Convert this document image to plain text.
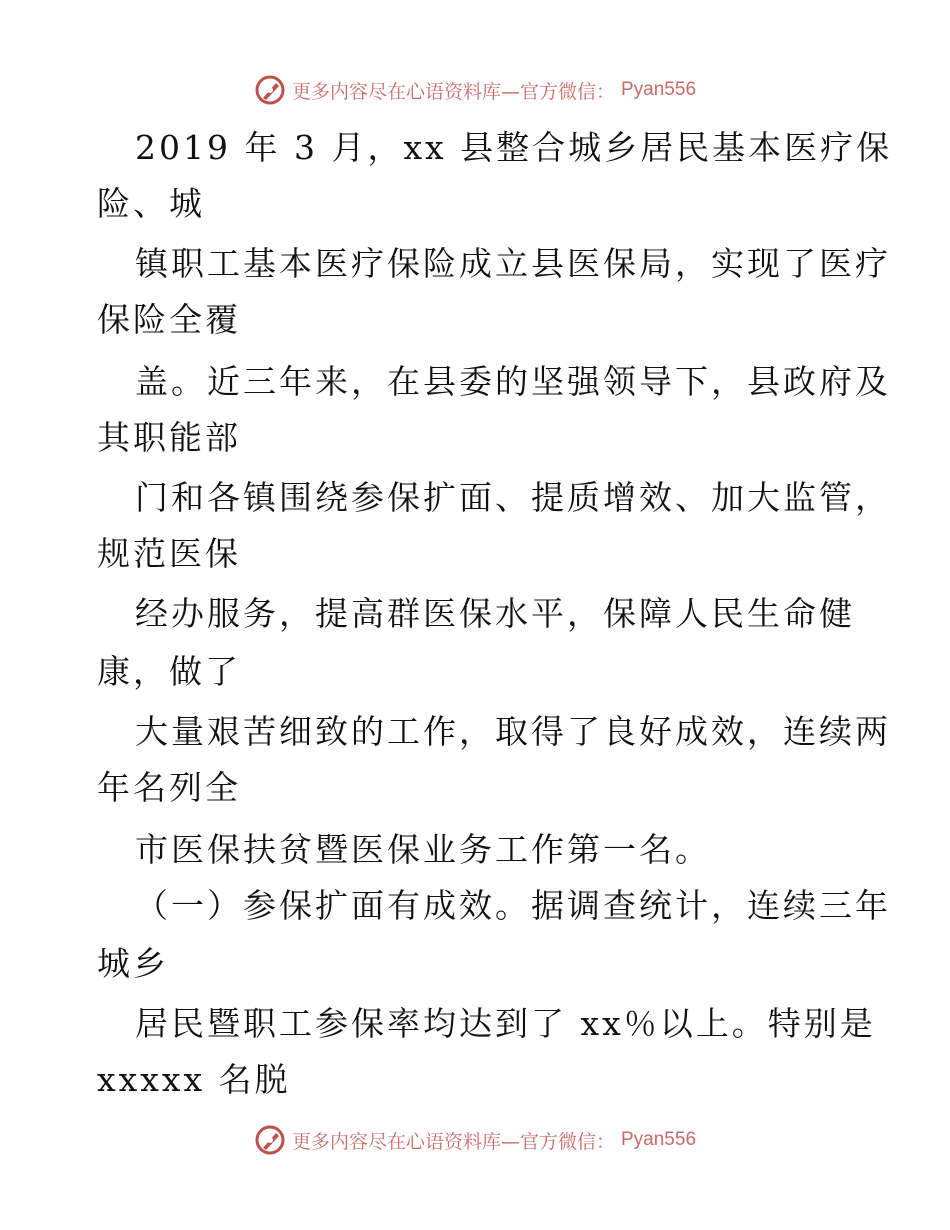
更多内容尽在心语资料库—官方微信： Pyan556
2019 年 3 月，xx 县整合城乡居民基本医疗保
险、城
镇职工基本医疗保险成立县医保局，实现了医疗
保险全覆
盖。近三年来，在县委的坚强领导下，县政府及
其职能部
门和各镇围绕参保扩面、提质增效、加大监管，
规范医保
经办服务，提高群医保水平，保障人民生命健
康，做了
大量艰苦细致的工作，取得了良好成效，连续两
年名列全
市医保扶贫暨医保业务工作第一名。
（一）参保扩面有成效。据调查统计，连续三年
城乡
居民暨职工参保率均达到了 xx％以上。特别是
xxxxx 名脱
更多内容尽在心语资料库—官方微信： Pyan556
